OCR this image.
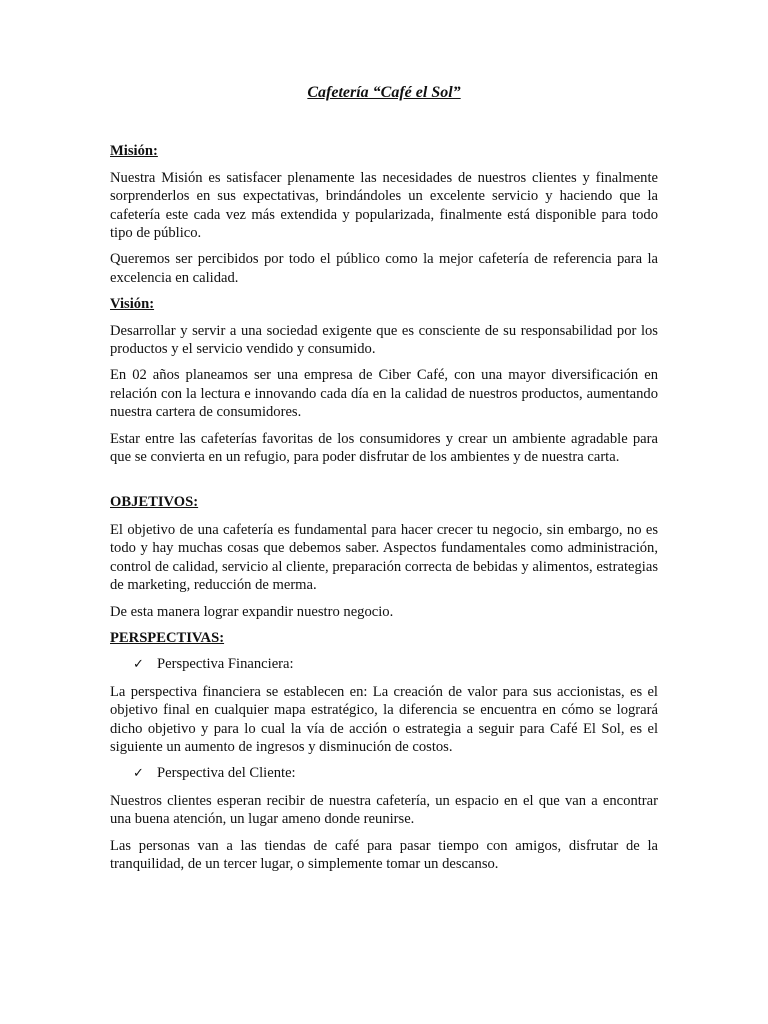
Cafetería “Café el Sol”
Misión:

Nuestra Misión es satisfacer plenamente las necesidades de nuestros clientes y finalmente sorprenderlos en sus expectativas, brindándoles un excelente servicio y haciendo que la cafetería este cada vez más extendida y popularizada, finalmente está disponible para todo tipo de público.

Queremos ser percibidos por todo el público como la mejor cafetería de referencia para la excelencia en calidad.

Visión:

Desarrollar y servir a una sociedad exigente que es consciente de su responsabilidad por los productos y el servicio vendido y consumido.

En 02 años planeamos ser una empresa de Ciber Café, con una mayor diversificación en relación con la lectura e innovando cada día en la calidad de nuestros productos, aumentando nuestra cartera de consumidores.

Estar entre las cafeterías favoritas de los consumidores y crear un ambiente agradable para que se convierta en un refugio, para poder disfrutar de los ambientes y de nuestra carta.

OBJETIVOS:

El objetivo de una cafetería es fundamental para hacer crecer tu negocio, sin embargo, no es todo y hay muchas cosas que debemos saber. Aspectos fundamentales como administración, control de calidad, servicio al cliente, preparación correcta de bebidas y alimentos, estrategias de marketing, reducción de merma.

De esta manera lograr expandir nuestro negocio.

PERSPECTIVAS:
✓ Perspectiva Financiera:

La perspectiva financiera se establecen en: La creación de valor para sus accionistas, es el objetivo final en cualquier mapa estratégico, la diferencia se encuentra en cómo se logrará dicho objetivo y para lo cual la vía de acción o estrategia a seguir para Café El Sol, es el siguiente un aumento de ingresos y disminución de costos.

✓ Perspectiva del Cliente:

Nuestros clientes esperan recibir de nuestra cafetería, un espacio en el que van a encontrar una buena atención, un lugar ameno donde reunirse.

Las personas van a las tiendas de café para pasar tiempo con amigos, disfrutar de la tranquilidad, de un tercer lugar, o simplemente tomar un descanso.
